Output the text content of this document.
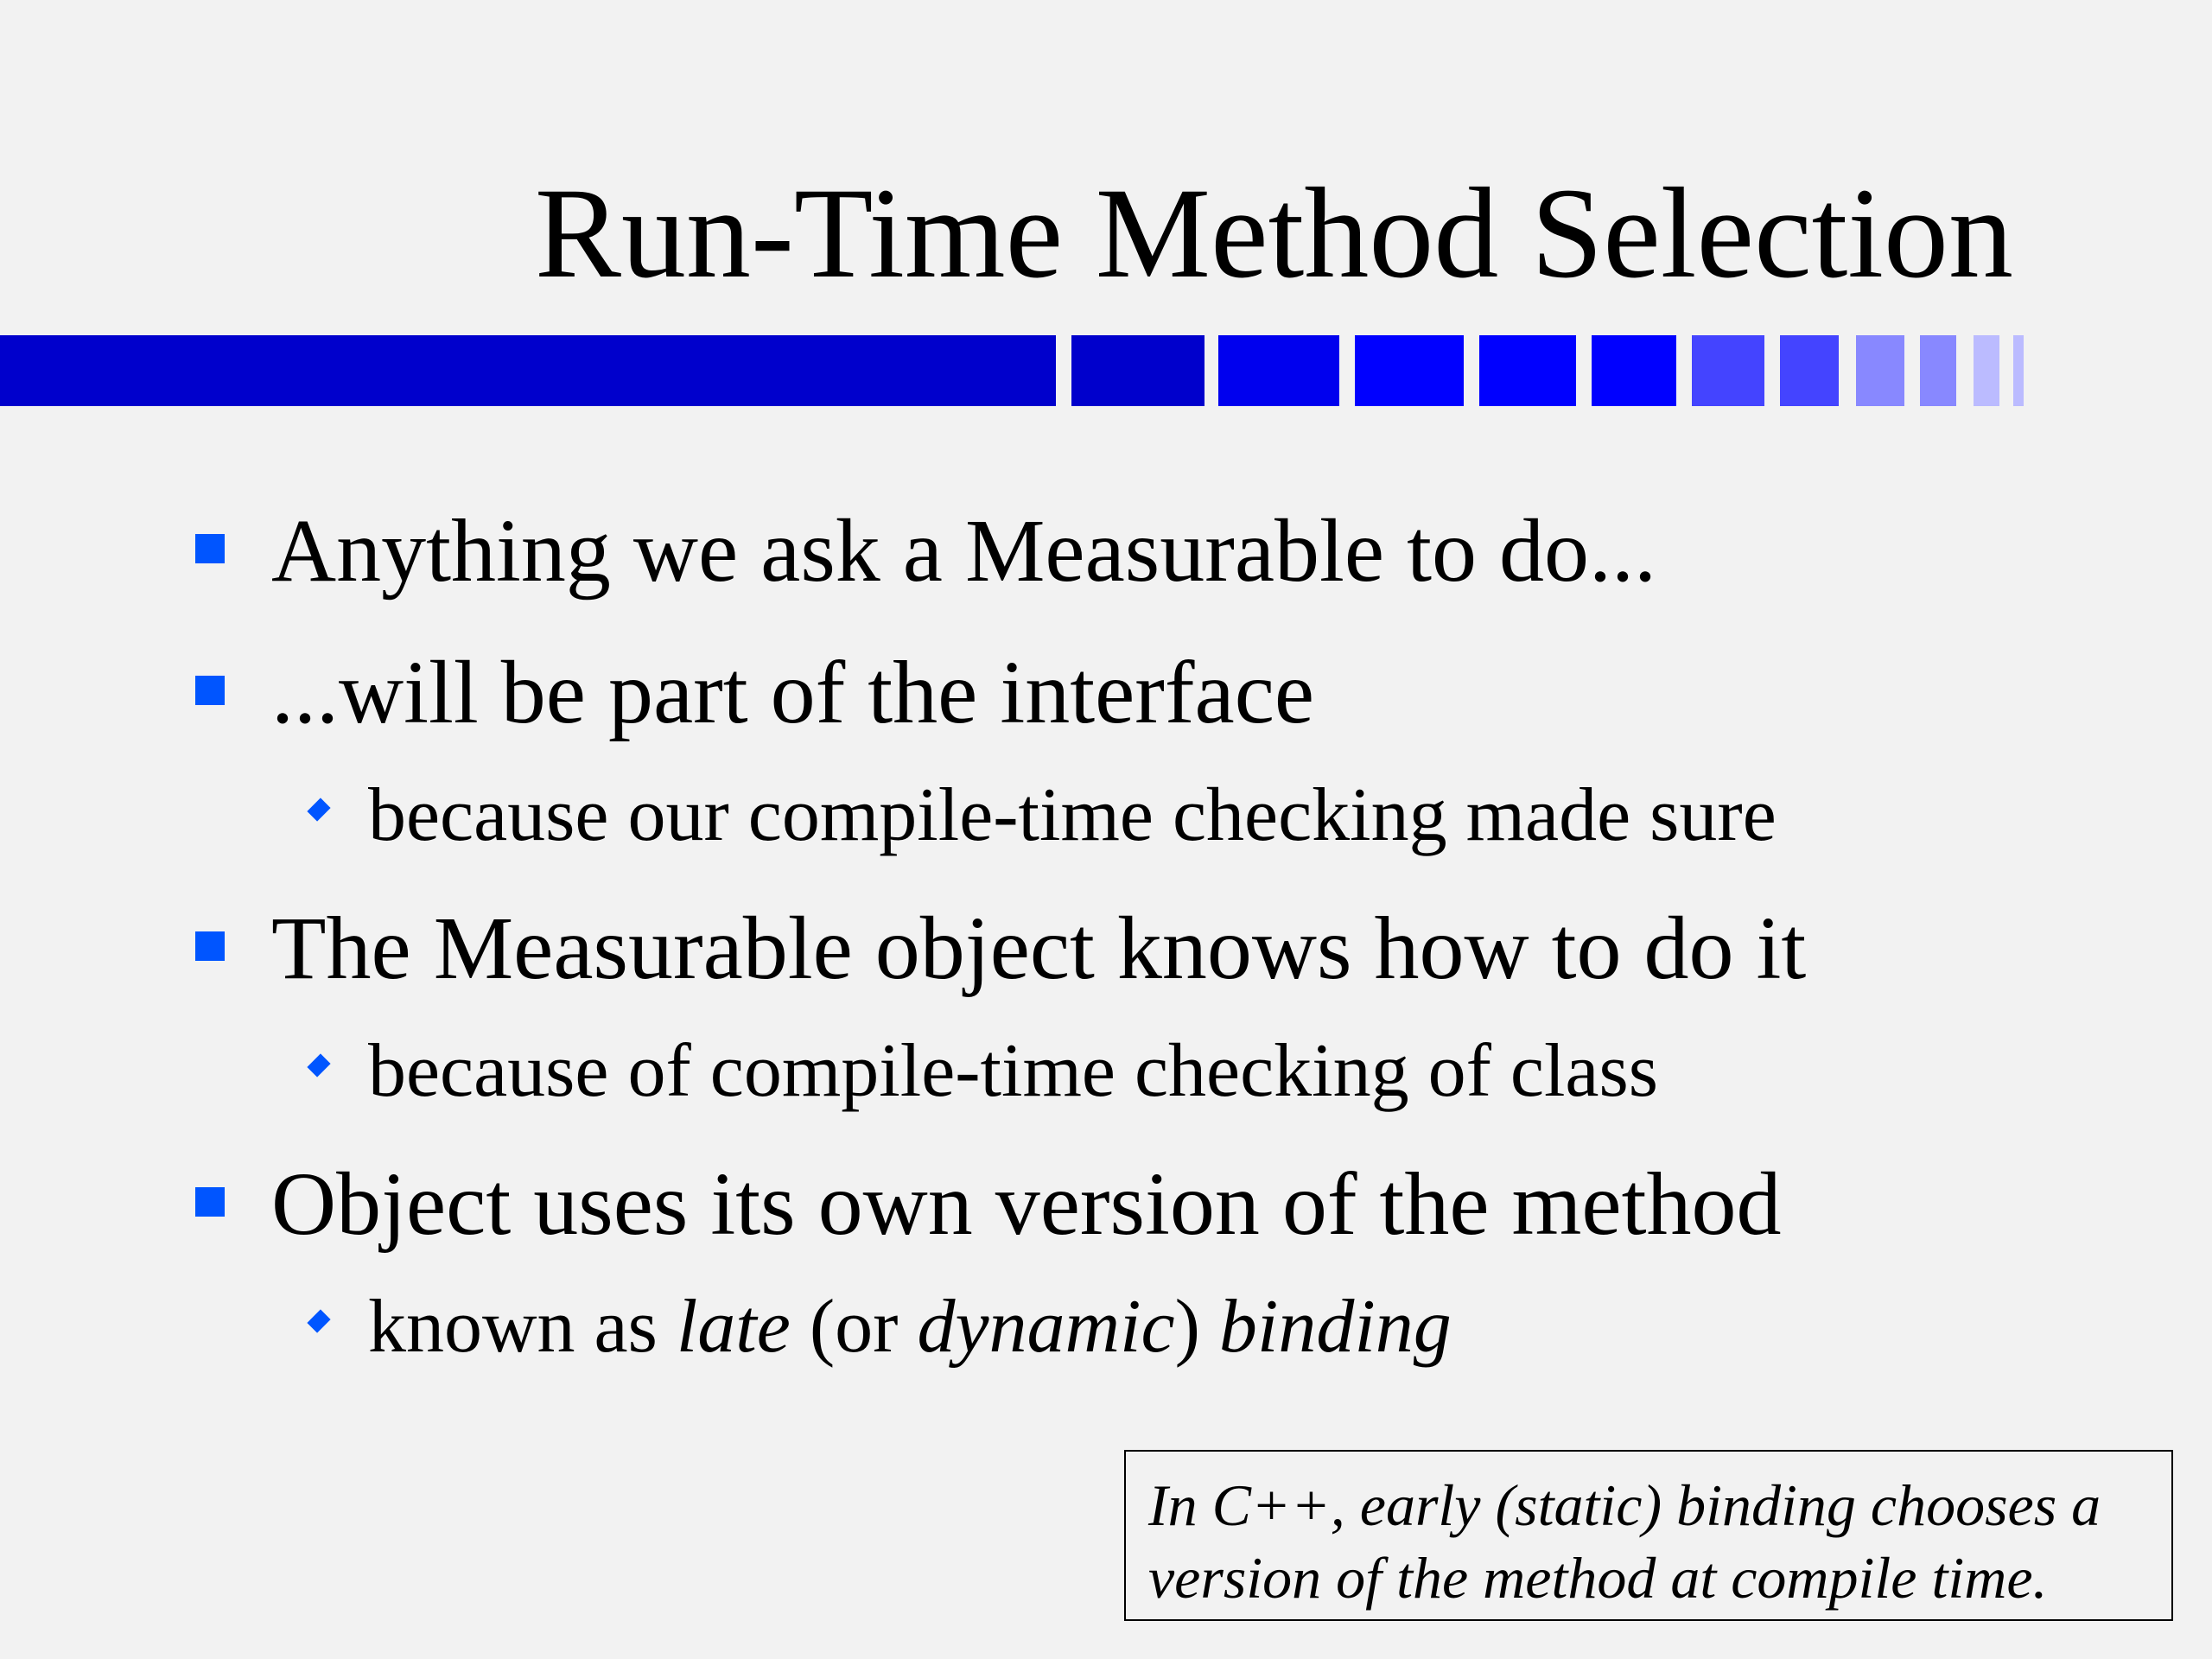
Run-Time Method Selection
Anything we ask a Measurable to do...
...will be part of the interface
because our compile-time checking made sure
The Measurable object knows how to do it
because of compile-time checking of class
Object uses its own version of the method
known as late (or dynamic) binding
In C++, early (static) binding chooses a
version of the method at compile time.
